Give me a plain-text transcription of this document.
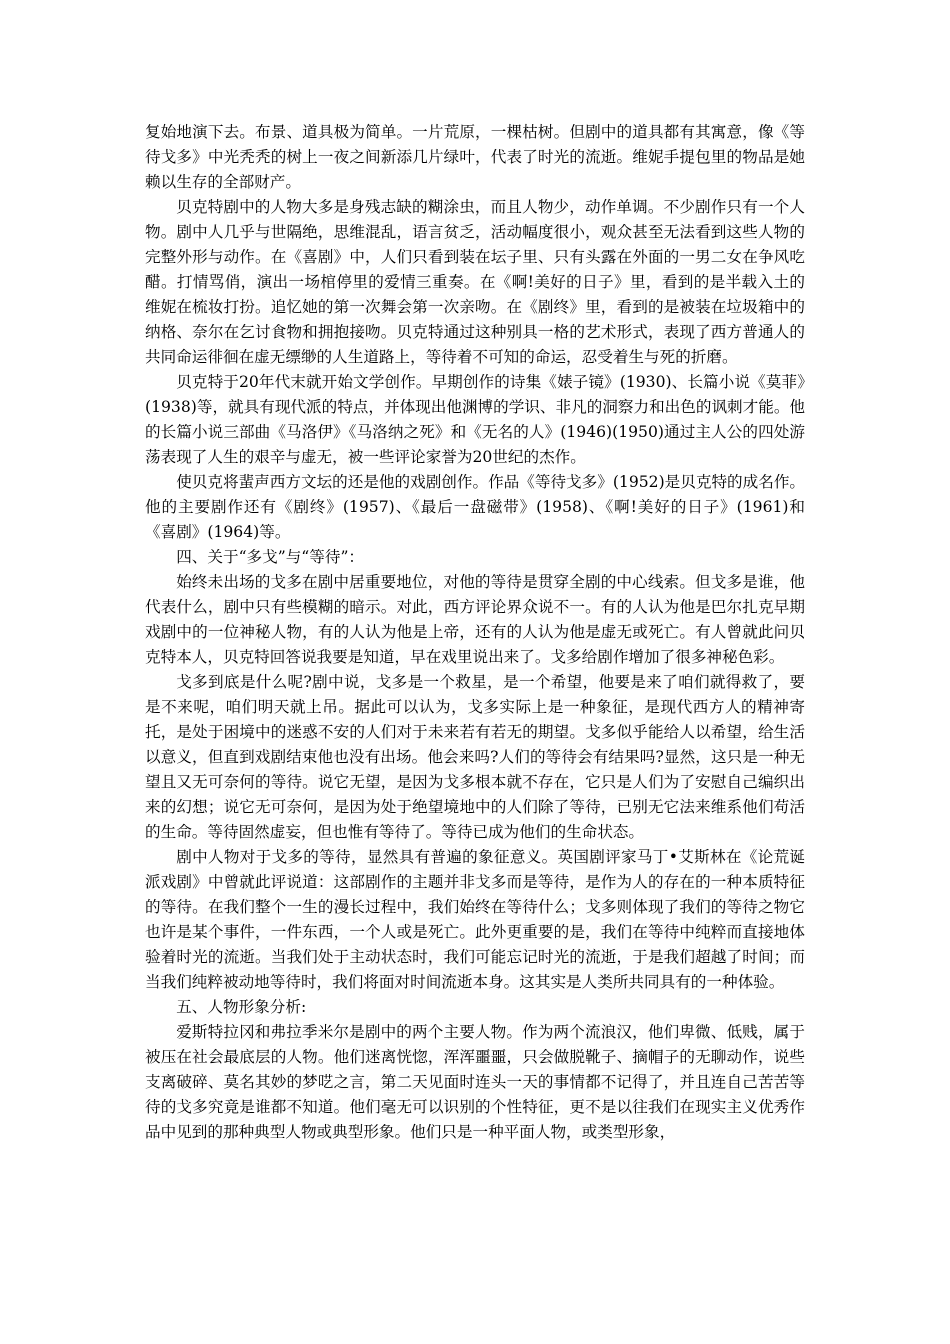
复始地演下去。布景、道具极为简单。一片荒原，一棵枯树。但剧中的道具都有其寓意，像《等待戈多》中光秃秃的树上一夜之间新添几片绿叶，代表了时光的流逝。维妮手提包里的物品是她赖以生存的全部财产。

贝克特剧中的人物大多是身残志缺的糊涂虫，而且人物少，动作单调。不少剧作只有一个人物。剧中人几乎与世隔绝，思维混乱，语言贫乏，活动幅度很小，观众甚至无法看到这些人物的完整外形与动作。在《喜剧》中，人们只看到装在坛子里、只有头露在外面的一男二女在争风吃醋。打情骂俏，演出一场棺停里的爱情三重奏。在《啊!美好的日子》里，看到的是半载入土的维妮在梳妆打扮。追忆她的第一次舞会第一次亲吻。在《剧终》里，看到的是被装在垃圾箱中的纳格、奈尔在乞讨食物和拥抱接吻。贝克特通过这种别具一格的艺术形式，表现了西方普通人的共同命运徘徊在虚无缥缈的人生道路上，等待着不可知的命运，忍受着生与死的折磨。

贝克特于20年代末就开始文学创作。早期创作的诗集《婊子镜》(1930)、长篇小说《莫菲》(1938)等，就具有现代派的特点，并体现出他渊博的学识、非凡的洞察力和出色的讽刺才能。他的长篇小说三部曲《马洛伊》《马洛纳之死》和《无名的人》(1946)(1950)通过主人公的四处游荡表现了人生的艰辛与虚无，被一些评论家誉为20世纪的杰作。

使贝克将蜚声西方文坛的还是他的戏剧创作。作品《等待戈多》(1952)是贝克特的成名作。他的主要剧作还有《剧终》(1957)、《最后一盘磁带》(1958)、《啊!美好的日子》(1961)和《喜剧》(1964)等。

四、关于“多戈”与“等待”：

始终未出场的戈多在剧中居重要地位，对他的等待是贯穿全剧的中心线索。但戈多是谁，他代表什么，剧中只有些模糊的暗示。对此，西方评论界众说不一。有的人认为他是巴尔扎克早期戏剧中的一位神秘人物，有的人认为他是上帝，还有的人认为他是虚无或死亡。有人曾就此问贝克特本人，贝克特回答说我要是知道，早在戏里说出来了。戈多给剧作增加了很多神秘色彩。

戈多到底是什么呢?剧中说，戈多是一个救星，是一个希望，他要是来了咱们就得救了，要是不来呢，咱们明天就上吊。据此可以认为，戈多实际上是一种象征，是现代西方人的精神寄托，是处于困境中的迷惑不安的人们对于未来若有若无的期望。戈多似乎能给人以希望，给生活以意义，但直到戏剧结束他也没有出场。他会来吗?人们的等待会有结果吗?显然，这只是一种无望且又无可奈何的等待。说它无望，是因为戈多根本就不存在，它只是人们为了安慰自己编织出来的幻想；说它无可奈何，是因为处于绝望境地中的人们除了等待，已别无它法来维系他们苟活的生命。等待固然虚妄，但也惟有等待了。等待已成为他们的生命状态。

剧中人物对于戈多的等待，显然具有普遍的象征意义。英国剧评家马丁•艾斯林在《论荒诞派戏剧》中曾就此评说道：这部剧作的主题并非戈多而是等待，是作为人的存在的一种本质特征的等待。在我们整个一生的漫长过程中，我们始终在等待什么；戈多则体现了我们的等待之物它也许是某个事件，一件东西，一个人或是死亡。此外更重要的是，我们在等待中纯粹而直接地体验着时光的流逝。当我们处于主动状态时，我们可能忘记时光的流逝，于是我们超越了时间；而当我们纯粹被动地等待时，我们将面对时间流逝本身。这其实是人类所共同具有的一种体验。

五、人物形象分析:

爱斯特拉冈和弗拉季米尔是剧中的两个主要人物。作为两个流浪汉，他们卑微、低贱，属于被压在社会最底层的人物。他们迷离恍惚，浑浑噩噩，只会做脱靴子、摘帽子的无聊动作，说些支离破碎、莫名其妙的梦呓之言，第二天见面时连头一天的事情都不记得了，并且连自己苦苦等待的戈多究竟是谁都不知道。他们毫无可以识别的个性特征，更不是以往我们在现实主义优秀作品中见到的那种典型人物或典型形象。他们只是一种平面人物，或类型形象，
